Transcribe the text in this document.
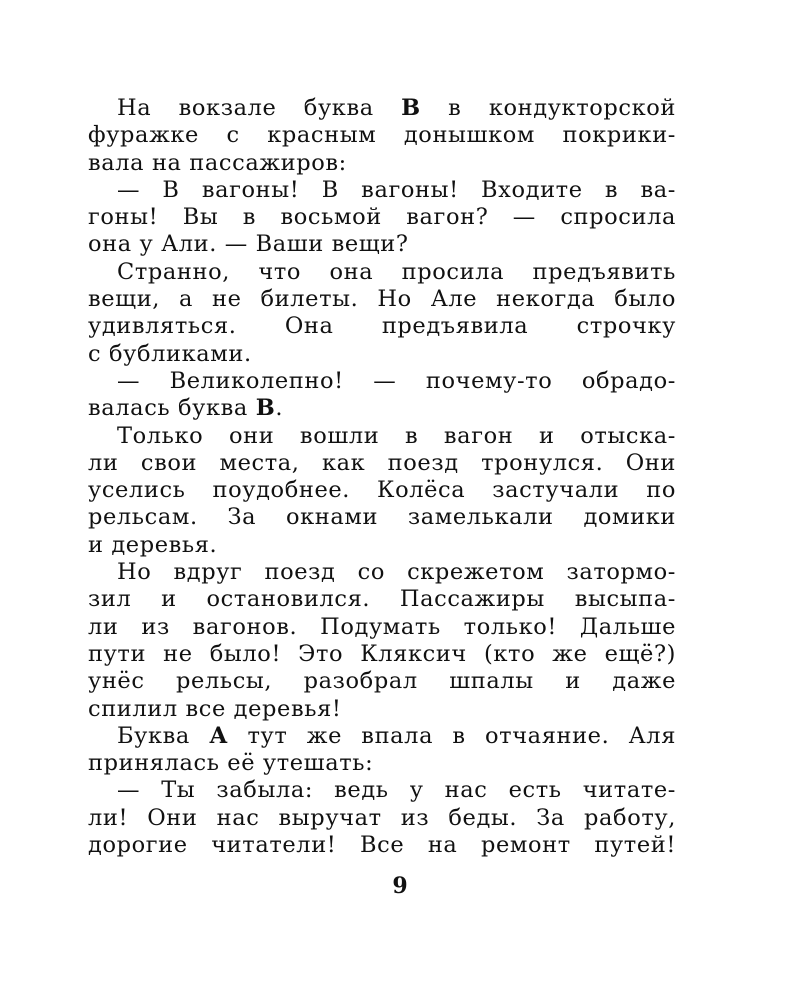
На вокзале буква В в кондукторской
фуражке с красным донышком покрики-
вала на пассажиров:

— В вагоны! В вагоны! Входите в ва-
гоны! Вы в восьмой вагон? — спросила
она у Али. — Ваши вещи?

Странно, что она просила предъявить
вещи, а не билеты. Но Але некогда было
удивляться. Она предъявила строчку
с бубликами.

— Великолепно! — почему-то обрадо-
валась буква В.

Только они вошли в вагон и отыска-
ли свои места, как поезд тронулся. Они
уселись поудобнее. Колёса застучали по
рельсам. За окнами замелькали домики
и деревья.

Но вдруг поезд со скрежетом затормо-
зил и остановился. Пассажиры высыпа-
ли из вагонов. Подумать только! Дальше
пути не было! Это Кляксич (кто же ещё?)
унёс рельсы, разобрал шпалы и даже
спилил все деревья!

Буква А тут же впала в отчаяние. Аля
принялась её утешать:

— Ты забыла: ведь у нас есть читате-
ли! Они нас выручат из беды. За работу,
дорогие читатели! Все на ремонт путей!

9
